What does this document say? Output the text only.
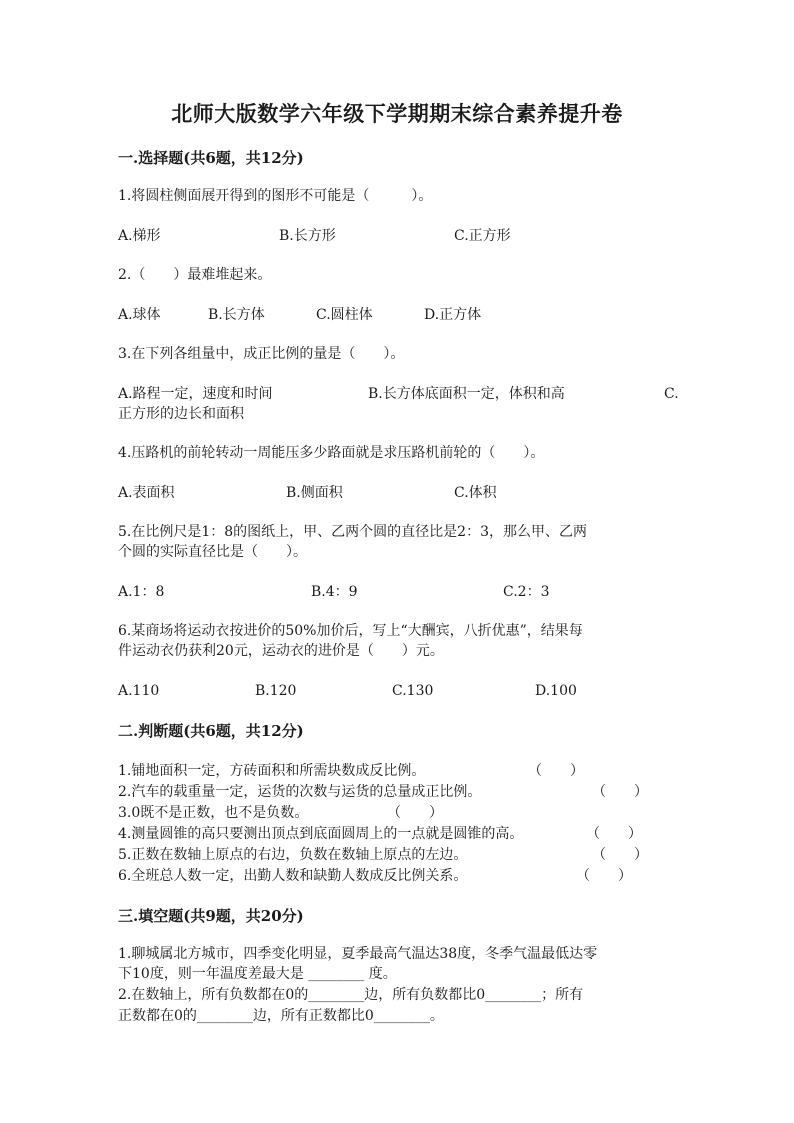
北师大版数学六年级下学期期末综合素养提升卷
一.选择题(共6题，共12分)
1.将圆柱侧面展开得到的图形不可能是（　　　）。
A.梯形	B.长方形	C.正方形
2.（　　）最难堆起来。
A.球体	B.长方体	C.圆柱体	D.正方体
3.在下列各组量中，成正比例的量是（　　）。
A.路程一定，速度和时间	B.长方体底面积一定，体积和高	C.
正方形的边长和面积
4.压路机的前轮转动一周能压多少路面就是求压路机前轮的（　　）。
A.表面积	B.侧面积	C.体积
5.在比例尺是1：8的图纸上，甲、乙两个圆的直径比是2：3，那么甲、乙两
个圆的实际直径比是（　　）。
A.1：8	B.4：9	C.2：3
6.某商场将运动衣按进价的50%加价后，写上“大酬宾，八折优惠”，结果每
件运动衣仍获利20元，运动衣的进价是（　　）元。
A.110	B.120	C.130	D.100
二.判断题(共6题，共12分)
1.铺地面积一定，方砖面积和所需块数成反比例。	（　　）
2.汽车的载重量一定，运货的次数与运货的总量成正比例。	（　　）
3.0既不是正数，也不是负数。	（　　）
4.测量圆锥的高只要测出顶点到底面圆周上的一点就是圆锥的高。	（　　）
5.正数在数轴上原点的右边，负数在数轴上原点的左边。	（　　）
6.全班总人数一定，出勤人数和缺勤人数成反比例关系。	（　　）
三.填空题(共9题，共20分)
1.聊城属北方城市，四季变化明显，夏季最高气温达38度，冬季气温最低达零
下10度，则一年温度差最大是 ________ 度。
2.在数轴上，所有负数都在0的________边，所有负数都比0________；所有
正数都在0的________边，所有正数都比0________。
